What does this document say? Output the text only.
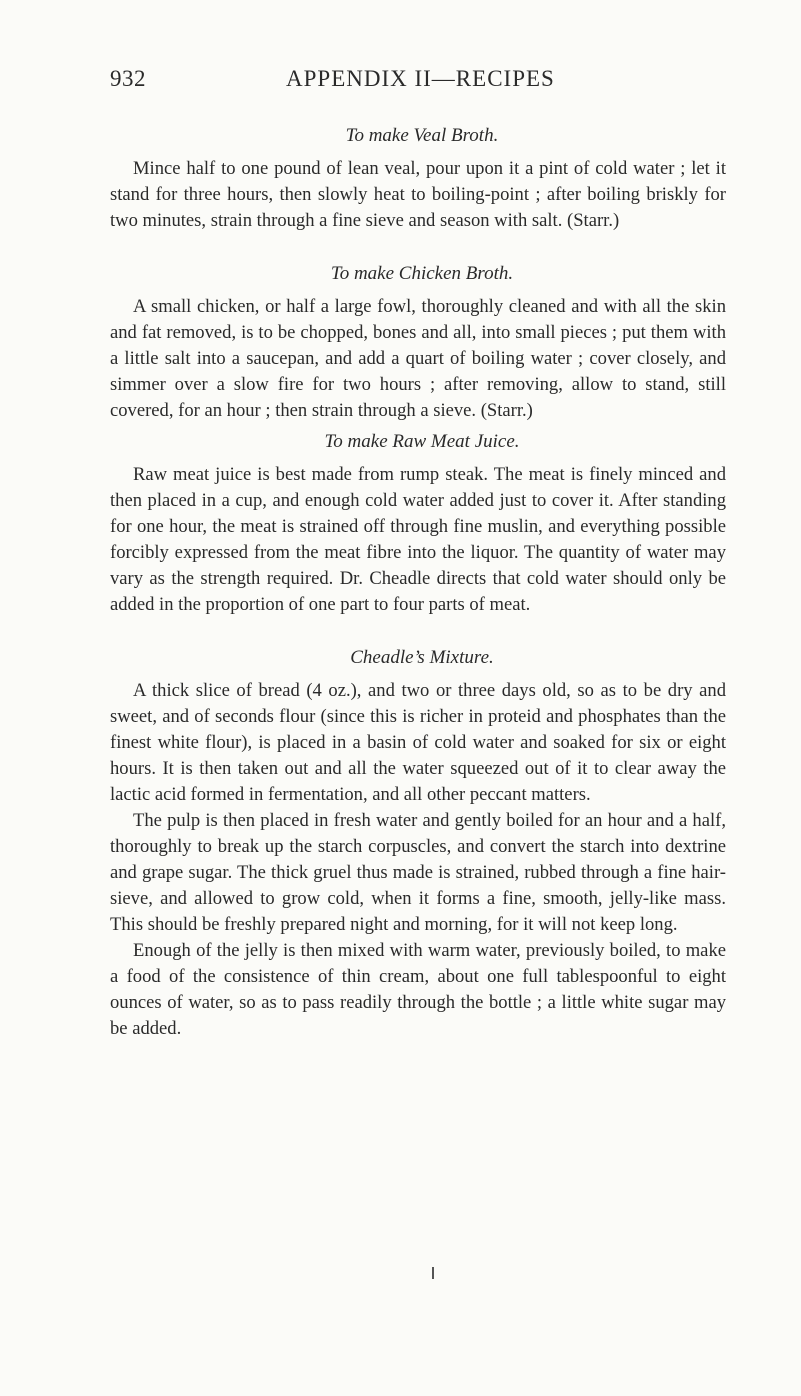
932	APPENDIX II—RECIPES

To make Veal Broth.

Mince half to one pound of lean veal, pour upon it a pint of cold water ; let it stand for three hours, then slowly heat to boiling-point ; after boiling briskly for two minutes, strain through a fine sieve and season with salt. (Starr.)

To make Chicken Broth.

A small chicken, or half a large fowl, thoroughly cleaned and with all the skin and fat removed, is to be chopped, bones and all, into small pieces ; put them with a little salt into a saucepan, and add a quart of boiling water ; cover closely, and simmer over a slow fire for two hours ; after removing, allow to stand, still covered, for an hour ; then strain through a sieve. (Starr.)

To make Raw Meat Juice.

Raw meat juice is best made from rump steak. The meat is finely minced and then placed in a cup, and enough cold water added just to cover it. After standing for one hour, the meat is strained off through fine muslin, and everything possible forcibly expressed from the meat fibre into the liquor. The quantity of water may vary as the strength required. Dr. Cheadle directs that cold water should only be added in the proportion of one part to four parts of meat.

Cheadle’s Mixture.

A thick slice of bread (4 oz.), and two or three days old, so as to be dry and sweet, and of seconds flour (since this is richer in proteid and phosphates than the finest white flour), is placed in a basin of cold water and soaked for six or eight hours. It is then taken out and all the water squeezed out of it to clear away the lactic acid formed in fermentation, and all other peccant matters.

The pulp is then placed in fresh water and gently boiled for an hour and a half, thoroughly to break up the starch corpuscles, and convert the starch into dextrine and grape sugar. The thick gruel thus made is strained, rubbed through a fine hair-sieve, and allowed to grow cold, when it forms a fine, smooth, jelly-like mass. This should be freshly prepared night and morning, for it will not keep long.

Enough of the jelly is then mixed with warm water, previously boiled, to make a food of the consistence of thin cream, about one full tablespoonful to eight ounces of water, so as to pass readily through the bottle ; a little white sugar may be added.
